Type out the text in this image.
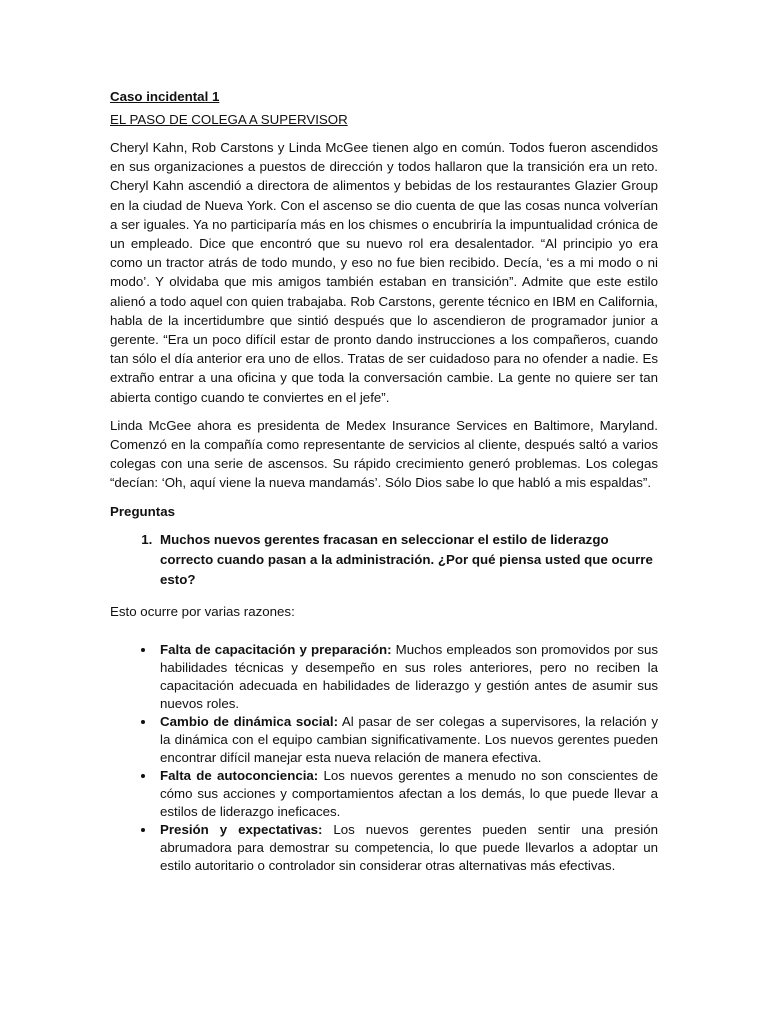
Caso incidental 1
EL PASO DE COLEGA A SUPERVISOR

Cheryl Kahn, Rob Carstons y Linda McGee tienen algo en común. Todos fueron ascendidos en sus organizaciones a puestos de dirección y todos hallaron que la transición era un reto. Cheryl Kahn ascendió a directora de alimentos y bebidas de los restaurantes Glazier Group en la ciudad de Nueva York. Con el ascenso se dio cuenta de que las cosas nunca volverían a ser iguales. Ya no participaría más en los chismes o encubriría la impuntualidad crónica de un empleado. Dice que encontró que su nuevo rol era desalentador. “Al principio yo era como un tractor atrás de todo mundo, y eso no fue bien recibido. Decía, ‘es a mi modo o ni modo’. Y olvidaba que mis amigos también estaban en transición”. Admite que este estilo alienó a todo aquel con quien trabajaba. Rob Carstons, gerente técnico en IBM en California, habla de la incertidumbre que sintió después que lo ascendieron de programador junior a gerente. “Era un poco difícil estar de pronto dando instrucciones a los compañeros, cuando tan sólo el día anterior era uno de ellos. Tratas de ser cuidadoso para no ofender a nadie. Es extraño entrar a una oficina y que toda la conversación cambie. La gente no quiere ser tan abierta contigo cuando te conviertes en el jefe”.

Linda McGee ahora es presidenta de Medex Insurance Services en Baltimore, Maryland. Comenzó en la compañía como representante de servicios al cliente, después saltó a varios colegas con una serie de ascensos. Su rápido crecimiento generó problemas. Los colegas “decían: ‘Oh, aquí viene la nueva mandamás’. Sólo Dios sabe lo que habló a mis espaldas”.

Preguntas
1. Muchos nuevos gerentes fracasan en seleccionar el estilo de liderazgo correcto cuando pasan a la administración. ¿Por qué piensa usted que ocurre esto?
Esto ocurre por varias razones:
• Falta de capacitación y preparación: Muchos empleados son promovidos por sus habilidades técnicas y desempeño en sus roles anteriores, pero no reciben la capacitación adecuada en habilidades de liderazgo y gestión antes de asumir sus nuevos roles.
• Cambio de dinámica social: Al pasar de ser colegas a supervisores, la relación y la dinámica con el equipo cambian significativamente. Los nuevos gerentes pueden encontrar difícil manejar esta nueva relación de manera efectiva.
• Falta de autoconciencia: Los nuevos gerentes a menudo no son conscientes de cómo sus acciones y comportamientos afectan a los demás, lo que puede llevar a estilos de liderazgo ineficaces.
• Presión y expectativas: Los nuevos gerentes pueden sentir una presión abrumadora para demostrar su competencia, lo que puede llevarlos a adoptar un estilo autoritario o controlador sin considerar otras alternativas más efectivas.
